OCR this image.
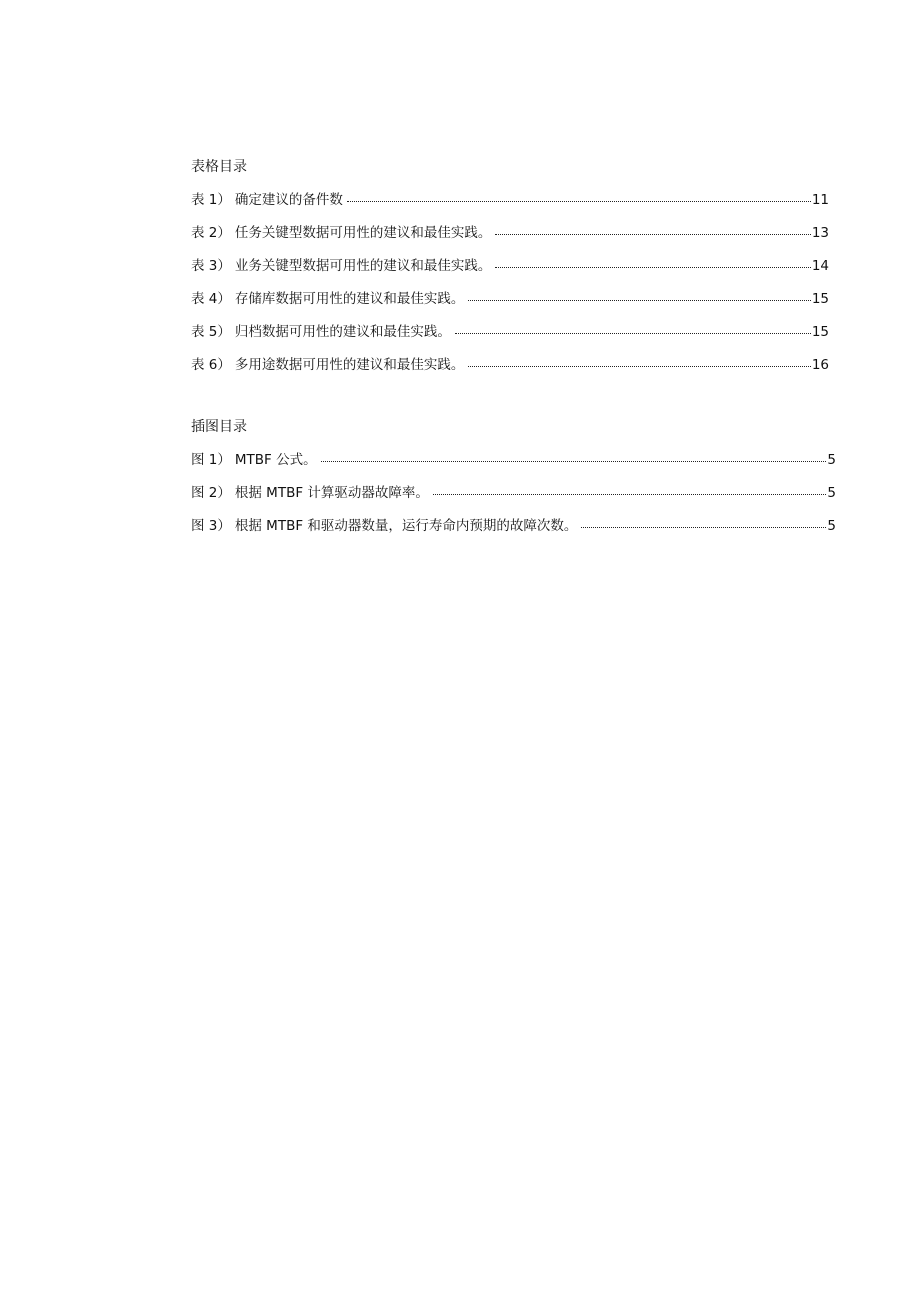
表格目录
表 1） 确定建议的备件数	11
表 2） 任务关键型数据可用性的建议和最佳实践。	13
表 3） 业务关键型数据可用性的建议和最佳实践。	14
表 4） 存储库数据可用性的建议和最佳实践。	15
表 5） 归档数据可用性的建议和最佳实践。	15
表 6） 多用途数据可用性的建议和最佳实践。	16
插图目录
图 1） MTBF 公式。	5
图 2） 根据 MTBF 计算驱动器故障率。	5
图 3） 根据 MTBF 和驱动器数量，运行寿命内预期的故障次数。	5
